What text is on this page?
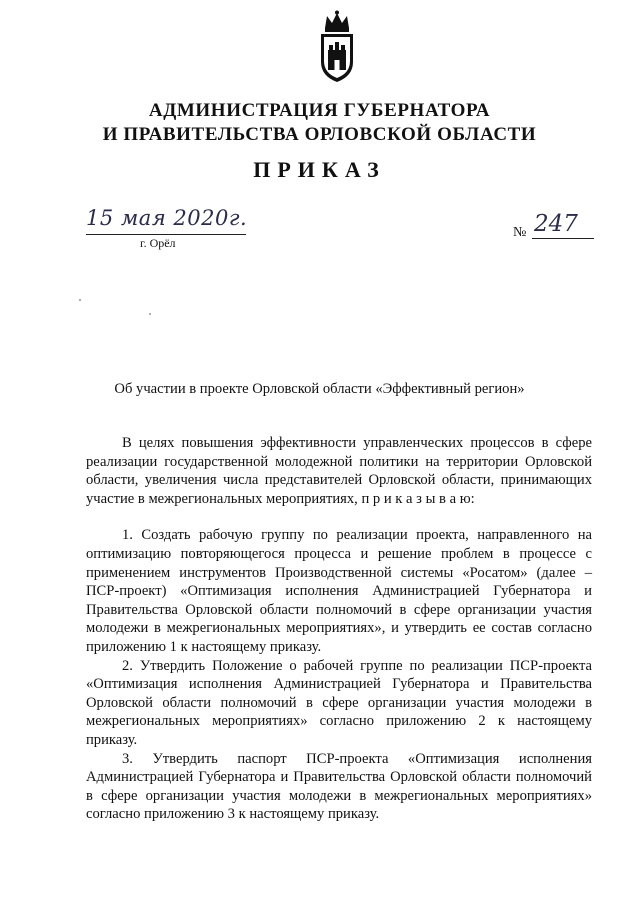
АДМИНИСТРАЦИЯ ГУБЕРНАТОРА
И ПРАВИТЕЛЬСТВА ОРЛОВСКОЙ ОБЛАСТИ
ПРИКАЗ
15 мая 2020г.
г. Орёл
№ 247
Об участии в проекте Орловской области «Эффективный регион»

В целях повышения эффективности управленческих процессов в сфере реализации государственной молодежной политики на территории Орловской области, увеличения числа представителей Орловской области, принимающих участие в межрегиональных мероприятиях, п р и к а з ы в а ю:

1. Создать рабочую группу по реализации проекта, направленного на оптимизацию повторяющегося процесса и решение проблем в процессе с применением инструментов Производственной системы «Росатом» (далее – ПСР-проект) «Оптимизация исполнения Администрацией Губернатора и Правительства Орловской области полномочий в сфере организации участия молодежи в межрегиональных мероприятиях», и утвердить ее состав согласно приложению 1 к настоящему приказу.

2. Утвердить Положение о рабочей группе по реализации ПСР-проекта «Оптимизация исполнения Администрацией Губернатора и Правительства Орловской области полномочий в сфере организации участия молодежи в межрегиональных мероприятиях» согласно приложению 2 к настоящему приказу.

3. Утвердить паспорт ПСР-проекта «Оптимизация исполнения Администрацией Губернатора и Правительства Орловской области полномочий в сфере организации участия молодежи в межрегиональных мероприятиях» согласно приложению 3 к настоящему приказу.
